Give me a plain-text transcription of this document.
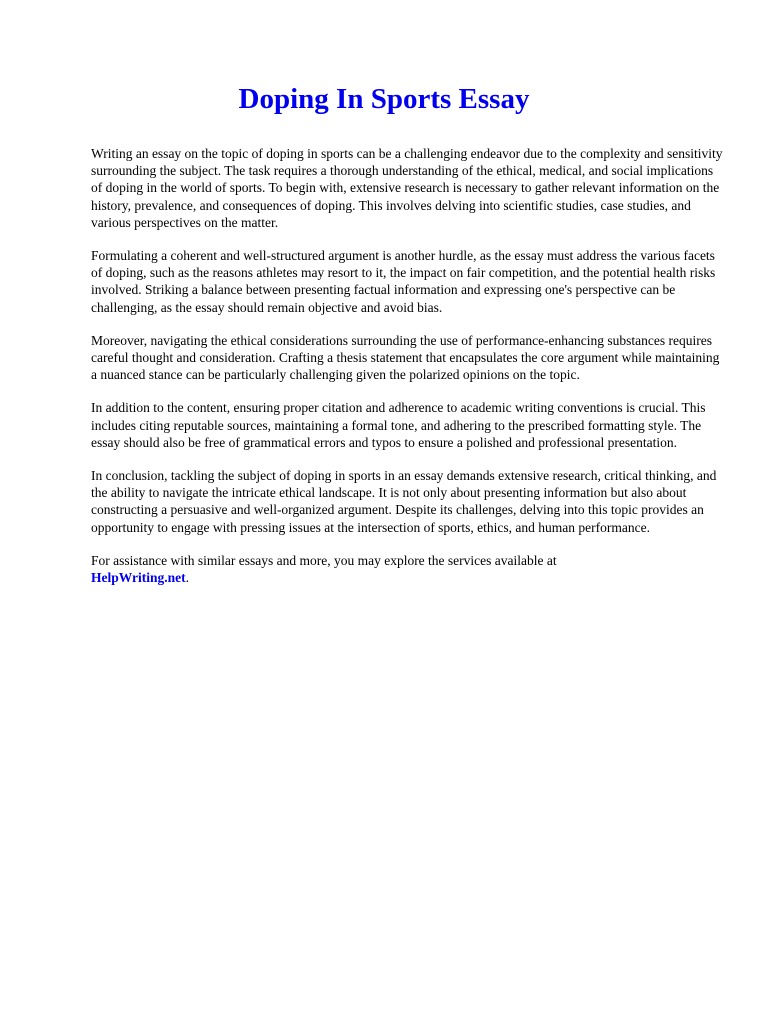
Doping In Sports Essay

Writing an essay on the topic of doping in sports can be a challenging endeavor due to the complexity and sensitivity surrounding the subject. The task requires a thorough understanding of the ethical, medical, and social implications of doping in the world of sports. To begin with, extensive research is necessary to gather relevant information on the history, prevalence, and consequences of doping. This involves delving into scientific studies, case studies, and various perspectives on the matter.

Formulating a coherent and well-structured argument is another hurdle, as the essay must address the various facets of doping, such as the reasons athletes may resort to it, the impact on fair competition, and the potential health risks involved. Striking a balance between presenting factual information and expressing one's perspective can be challenging, as the essay should remain objective and avoid bias.

Moreover, navigating the ethical considerations surrounding the use of performance-enhancing substances requires careful thought and consideration. Crafting a thesis statement that encapsulates the core argument while maintaining a nuanced stance can be particularly challenging given the polarized opinions on the topic.

In addition to the content, ensuring proper citation and adherence to academic writing conventions is crucial. This includes citing reputable sources, maintaining a formal tone, and adhering to the prescribed formatting style. The essay should also be free of grammatical errors and typos to ensure a polished and professional presentation.

In conclusion, tackling the subject of doping in sports in an essay demands extensive research, critical thinking, and the ability to navigate the intricate ethical landscape. It is not only about presenting information but also about constructing a persuasive and well-organized argument. Despite its challenges, delving into this topic provides an opportunity to engage with pressing issues at the intersection of sports, ethics, and human performance.

For assistance with similar essays and more, you may explore the services available at
HelpWriting.net.
